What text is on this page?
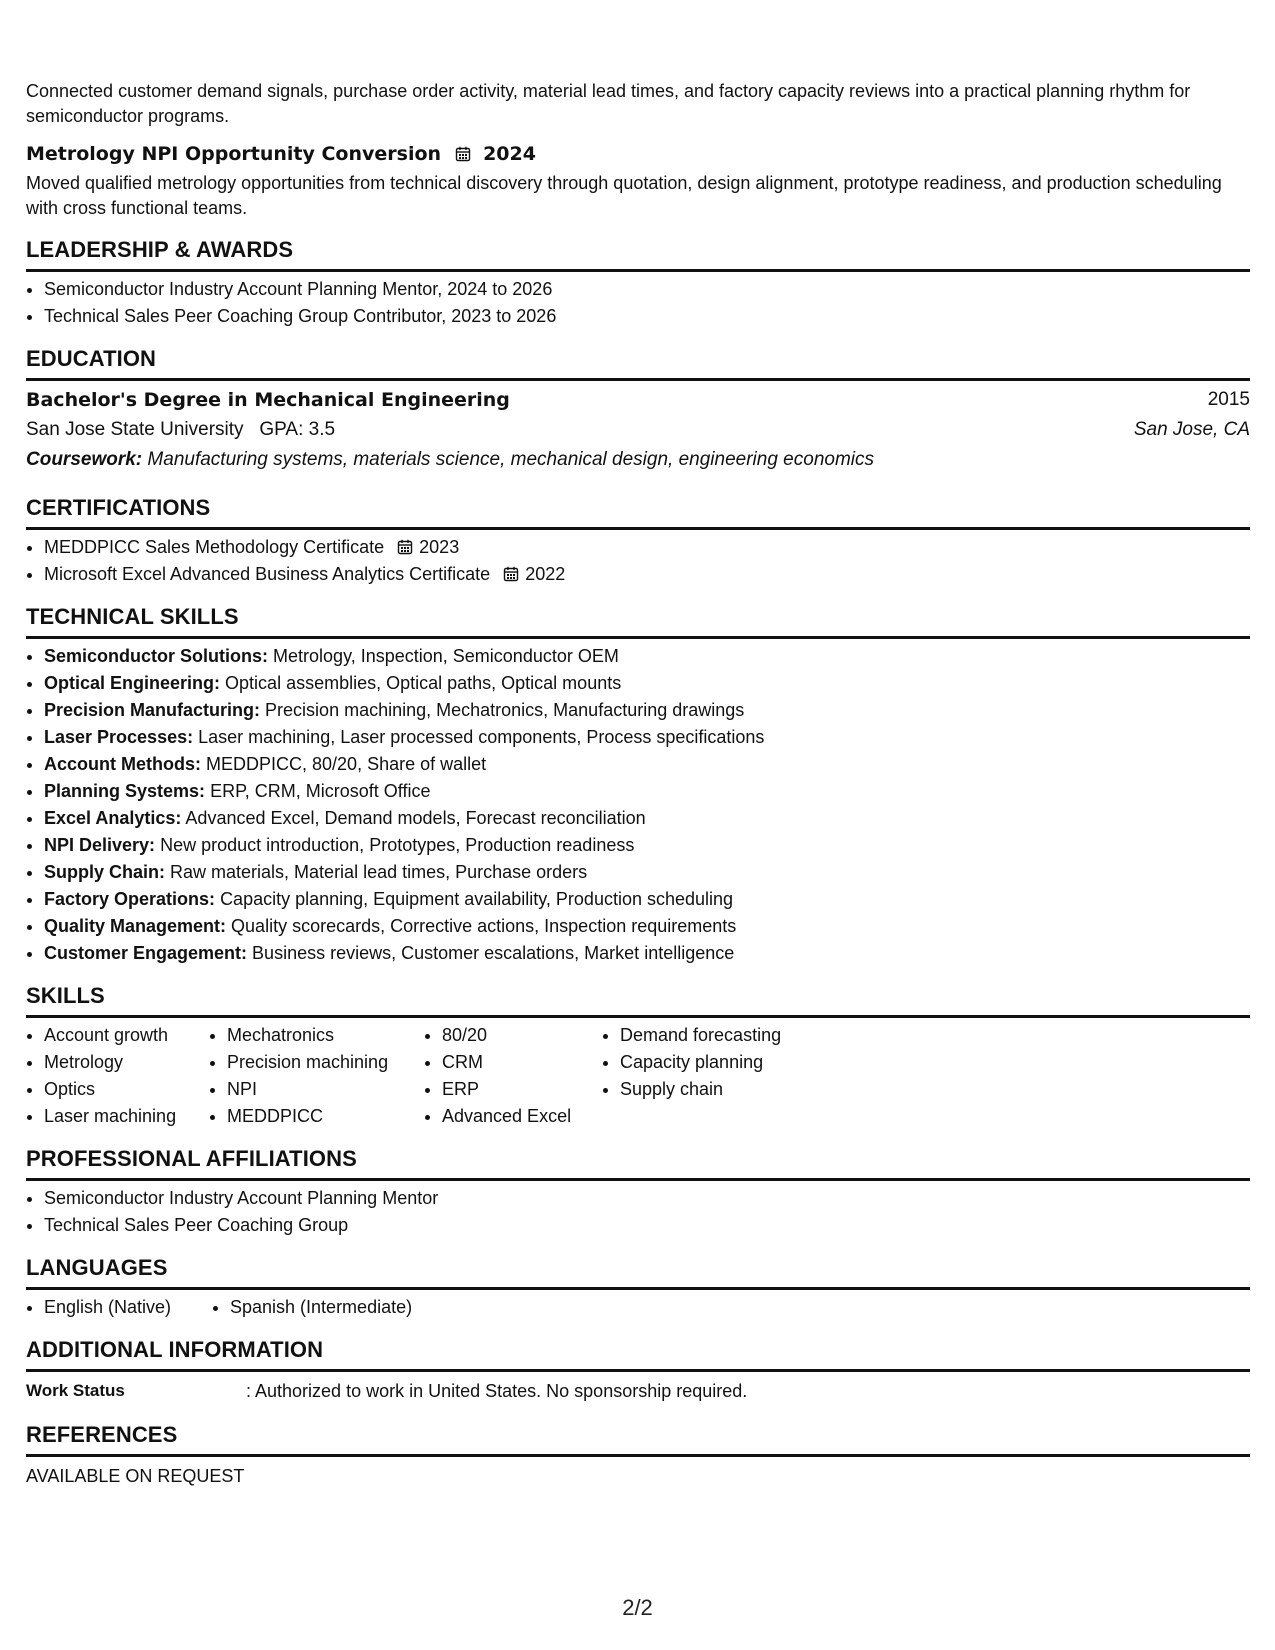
Connected customer demand signals, purchase order activity, material lead times, and factory capacity reviews into a practical planning rhythm for semiconductor programs.

Metrology NPI Opportunity Conversion 2024

Moved qualified metrology opportunities from technical discovery through quotation, design alignment, prototype readiness, and production scheduling with cross functional teams.

LEADERSHIP & AWARDS
• Semiconductor Industry Account Planning Mentor, 2024 to 2026
• Technical Sales Peer Coaching Group Contributor, 2023 to 2026
EDUCATION
Bachelor's Degree in Mechanical Engineering	2015
San Jose State University GPA: 3.5	San Jose, CA
Coursework: Manufacturing systems, materials science, mechanical design, engineering economics
CERTIFICATIONS
• MEDDPICC Sales Methodology Certificate 2023
• Microsoft Excel Advanced Business Analytics Certificate 2022
TECHNICAL SKILLS
• Semiconductor Solutions: Metrology, Inspection, Semiconductor OEM
• Optical Engineering: Optical assemblies, Optical paths, Optical mounts
• Precision Manufacturing: Precision machining, Mechatronics, Manufacturing drawings
• Laser Processes: Laser machining, Laser processed components, Process specifications
• Account Methods: MEDDPICC, 80/20, Share of wallet
• Planning Systems: ERP, CRM, Microsoft Office
• Excel Analytics: Advanced Excel, Demand models, Forecast reconciliation
• NPI Delivery: New product introduction, Prototypes, Production readiness
• Supply Chain: Raw materials, Material lead times, Purchase orders
• Factory Operations: Capacity planning, Equipment availability, Production scheduling
• Quality Management: Quality scorecards, Corrective actions, Inspection requirements
• Customer Engagement: Business reviews, Customer escalations, Market intelligence
SKILLS
• Account growth
• Metrology
• Optics
• Laser machining
• Mechatronics
• Precision machining
• NPI
• MEDDPICC
• 80/20
• CRM
• ERP
• Advanced Excel
• Demand forecasting
• Capacity planning
• Supply chain
PROFESSIONAL AFFILIATIONS
• Semiconductor Industry Account Planning Mentor
• Technical Sales Peer Coaching Group
LANGUAGES
• English (Native)
•	Spanish (Intermediate)
ADDITIONAL INFORMATION
Work Status	: Authorized to work in United States. No sponsorship required.
REFERENCES
AVAILABLE ON REQUEST
2/2
